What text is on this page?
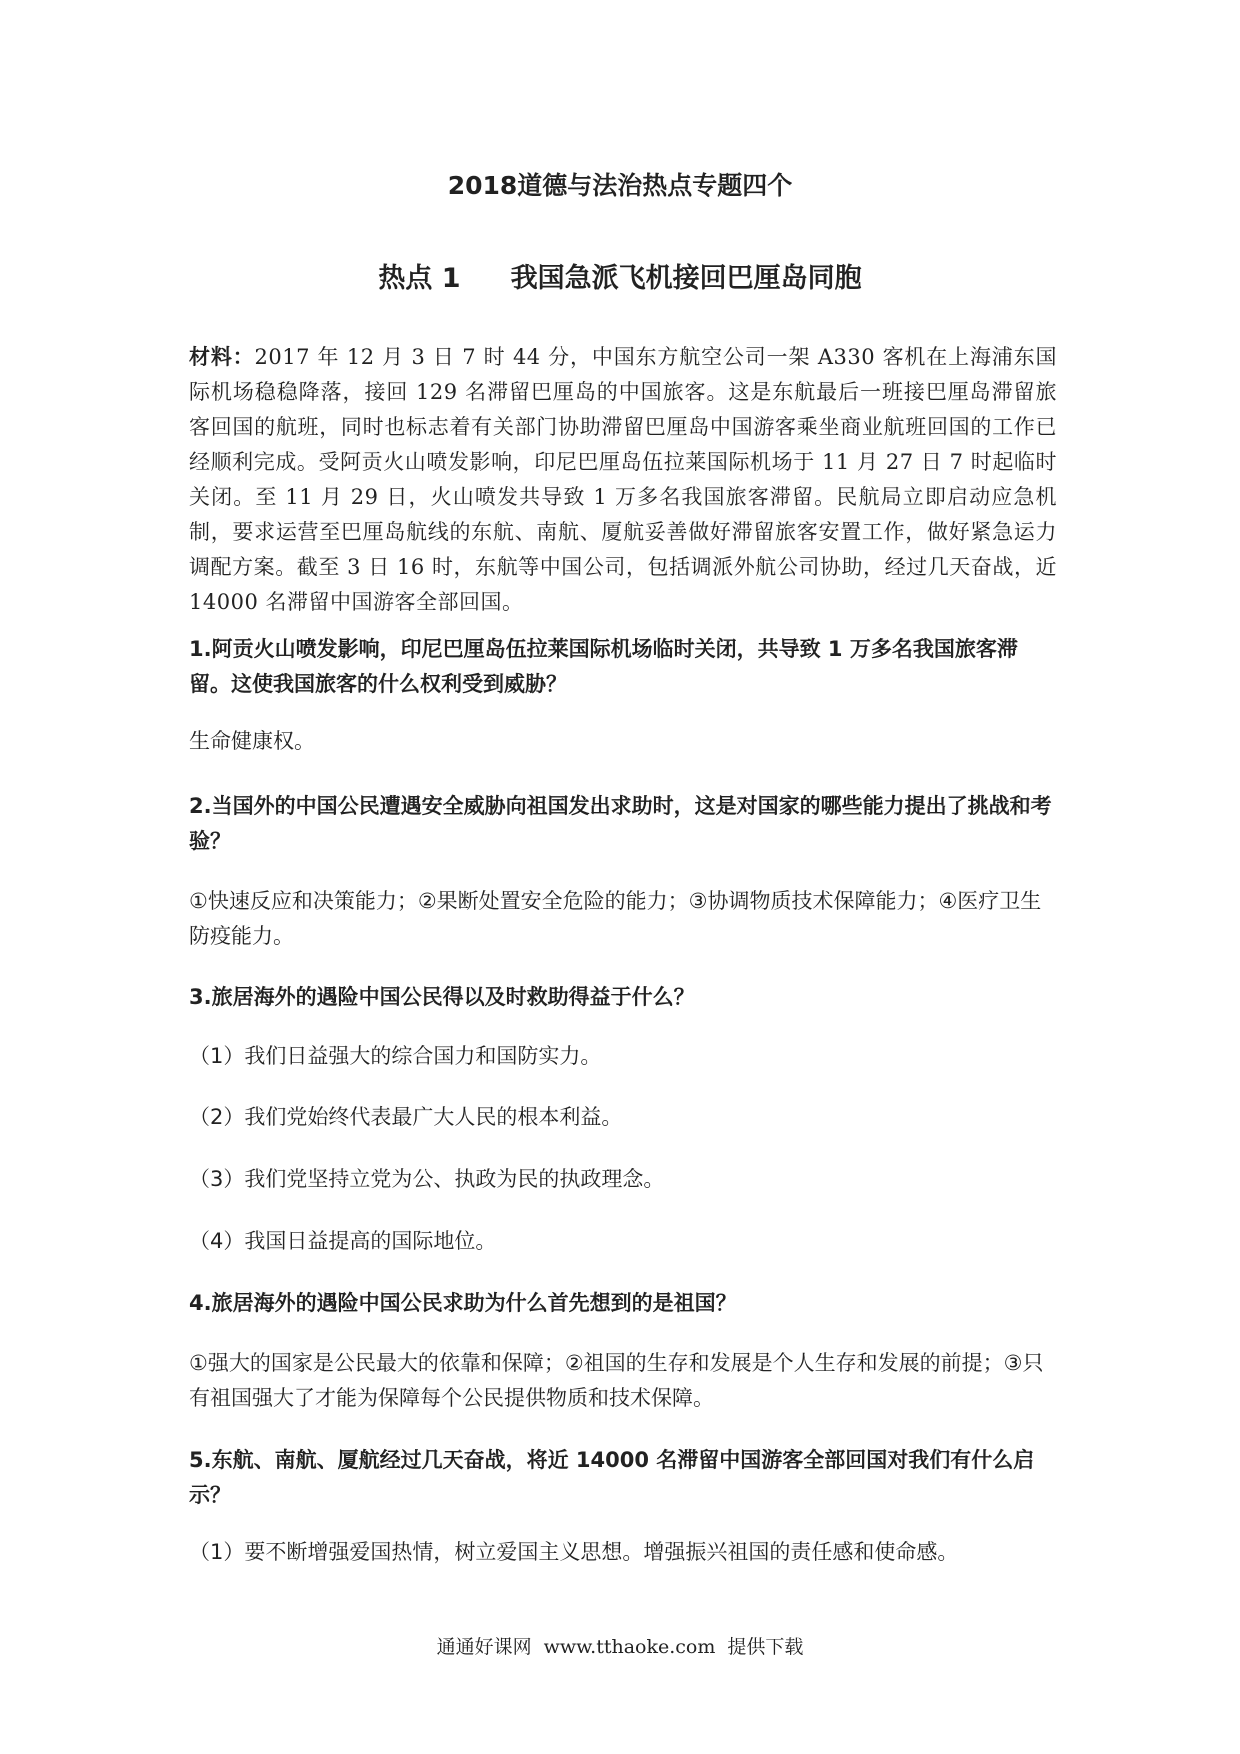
2018道德与法治热点专题四个
热点 1 我国急派飞机接回巴厘岛同胞
材料：2017 年 12 月 3 日 7 时 44 分，中国东方航空公司一架 A330 客机在上海浦东国际机场稳稳降落，接回 129 名滞留巴厘岛的中国旅客。这是东航最后一班接巴厘岛滞留旅客回国的航班，同时也标志着有关部门协助滞留巴厘岛中国游客乘坐商业航班回国的工作已经顺利完成。受阿贡火山喷发影响，印尼巴厘岛伍拉莱国际机场于 11 月 27 日 7 时起临时关闭。至 11 月 29 日，火山喷发共导致 1 万多名我国旅客滞留。民航局立即启动应急机制，要求运营至巴厘岛航线的东航、南航、厦航妥善做好滞留旅客安置工作，做好紧急运力调配方案。截至 3 日 16 时，东航等中国公司，包括调派外航公司协助，经过几天奋战，近 14000 名滞留中国游客全部回国。
1.阿贡火山喷发影响，印尼巴厘岛伍拉莱国际机场临时关闭，共导致 1 万多名我国旅客滞留。这使我国旅客的什么权利受到威胁？
生命健康权。
2.当国外的中国公民遭遇安全威胁向祖国发出求助时，这是对国家的哪些能力提出了挑战和考验？
①快速反应和决策能力；②果断处置安全危险的能力；③协调物质技术保障能力；④医疗卫生防疫能力。
3.旅居海外的遇险中国公民得以及时救助得益于什么？
（1）我们日益强大的综合国力和国防实力。
（2）我们党始终代表最广大人民的根本利益。
（3）我们党坚持立党为公、执政为民的执政理念。
（4）我国日益提高的国际地位。
4.旅居海外的遇险中国公民求助为什么首先想到的是祖国？
①强大的国家是公民最大的依靠和保障；②祖国的生存和发展是个人生存和发展的前提；③只有祖国强大了才能为保障每个公民提供物质和技术保障。
5.东航、南航、厦航经过几天奋战，将近 14000 名滞留中国游客全部回国对我们有什么启示？
（1）要不断增强爱国热情，树立爱国主义思想。增强振兴祖国的责任感和使命感。
通通好课网 www.tthaoke.com 提供下载
